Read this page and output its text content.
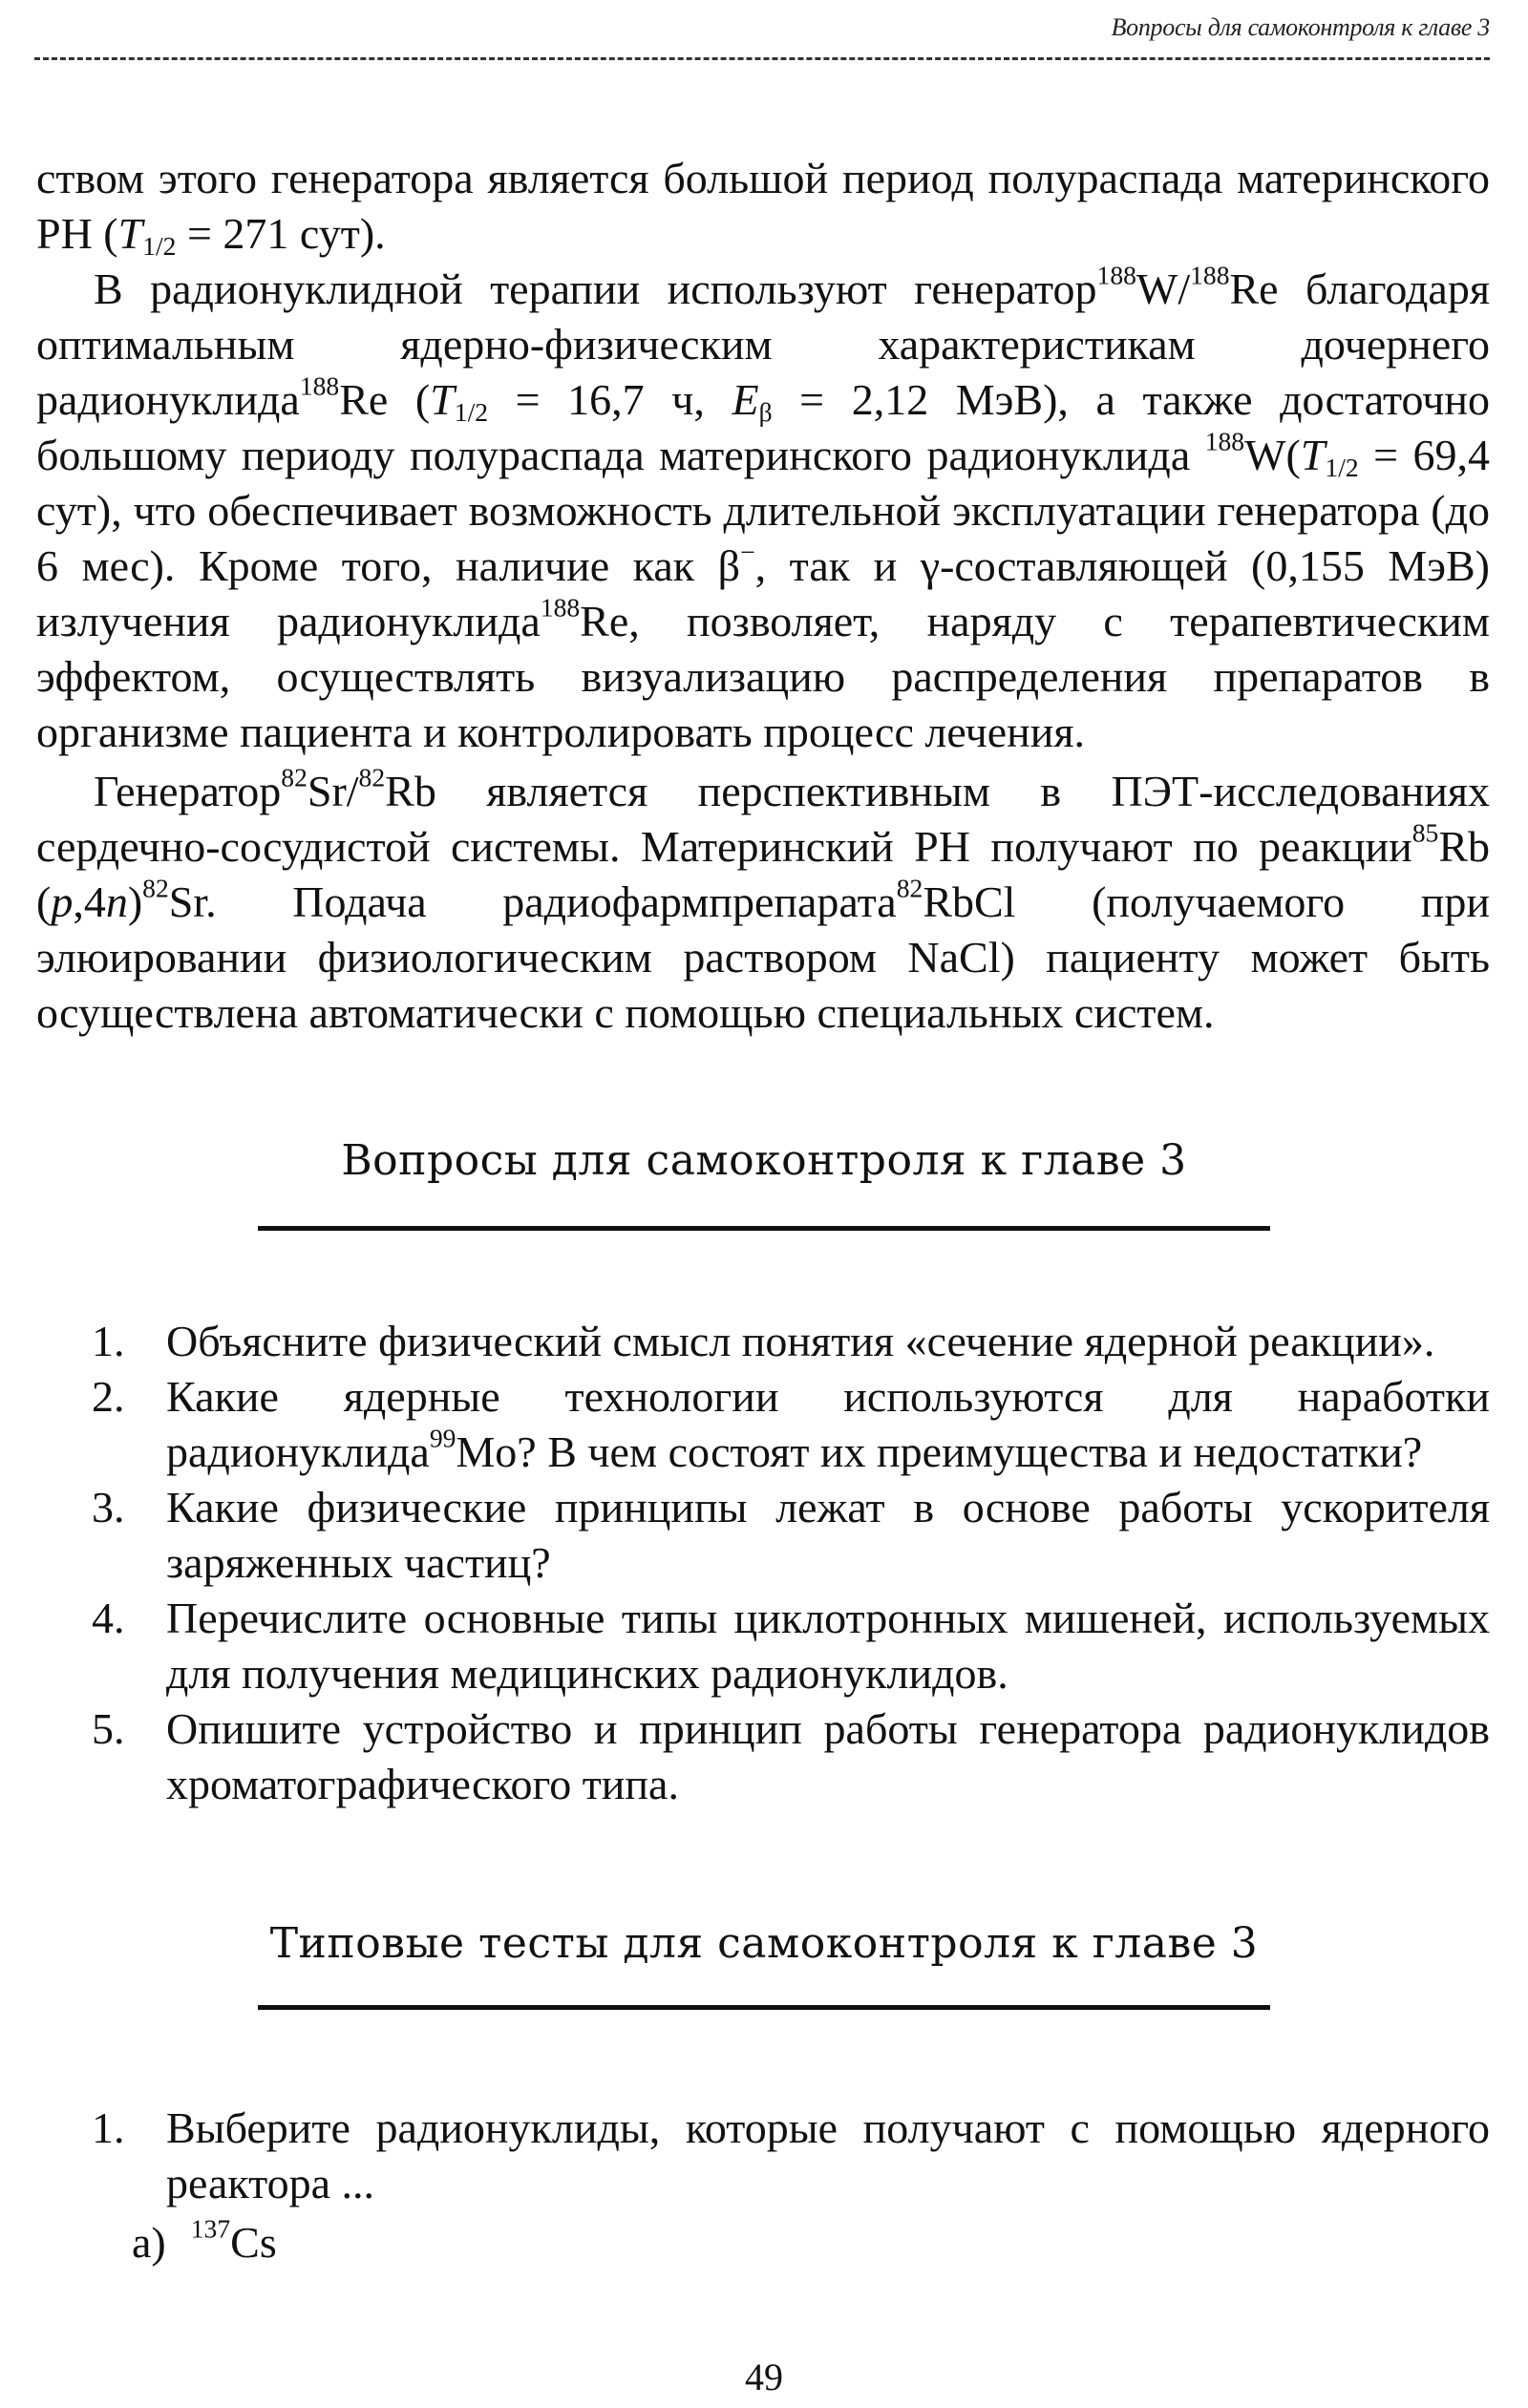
Вопросы для самоконтроля к главе 3

ством этого генератора является большой период полураспада материнского РН ($T_{1/2} = 271$ сут).

В радионуклидной терапии используют генератор$^{188}$W/$^{188}$Re благодаря оптимальным ядерно-физическим характеристикам дочернего радионуклида$^{188}$Re ($T_{1/2} = 16,7$ ч, $E_\beta = 2,12$ МэВ), а также достаточно большому периоду полураспада материнского радионуклида $^{188}W(T_{1/2} = 69,4$ сут), что обеспечивает возможность длительной эксплуатации генератора (до 6 мес). Кроме того, наличие как β−, так и γ-составляющей (0,155 МэВ) излучения радионуклида$^{188}$Re, позволяет, наряду с терапевтическим эффектом, осуществлять визуализацию распределения препаратов в организме пациента и контролировать процесс лечения.

Генератор$^{82}$Sr/$^{82}$Rb является перспективным в ПЭТ-исследованиях сердечно-сосудистой системы. Материнский РН получают по реакции$^{85}$Rb $(p,4n)^{82}Sr$. Подача радиофармпрепарата$^{82}$RbCl (получаемого при элюировании физиологическим раствором NaCl) пациенту может быть осуществлена автоматически с помощью специальных систем.

Вопросы для самоконтроля к главе 3
1. Объясните физический смысл понятия «сечение ядерной реакции».
2. Какие ядерные технологии используются для наработки радионуклида$^{99}$Mo? В чем состоят их преимущества и недостатки?
3. Какие физические принципы лежат в основе работы ускорителя заряженных частиц?
4. Перечислите основные типы циклотронных мишеней, используемых для получения медицинских радионуклидов.
5. Опишите устройство и принцип работы генератора радионуклидов хроматографического типа.
Типовые тесты для самоконтроля к главе 3
1. Выберите радионуклиды, которые получают с помощью ядерного реактора ...
а) $^{137}$Cs
49
